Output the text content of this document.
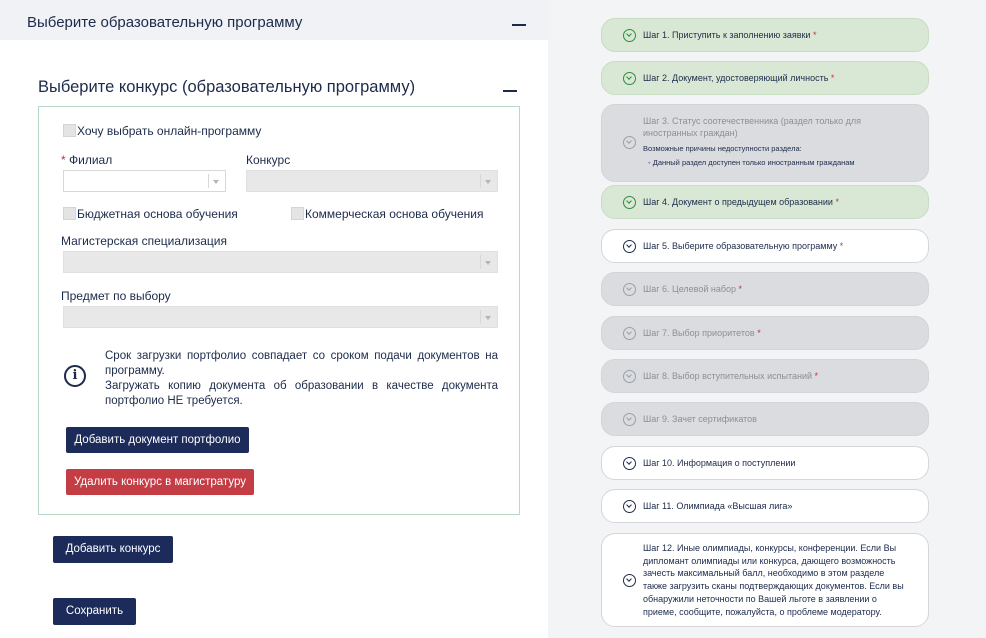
Выберите образовательную программу
Выберите конкурс (образовательную программу)
Хочу выбрать онлайн-программу
* Филиал	Конкурс
Бюджетная основа обучения	Коммерческая основа обучения
Магистерская специализация
Предмет по выбору
i

Срок загрузки портфолио совпадает со сроком подачи документов на программу.

Загружать копию документа об образовании в качестве документа портфолио НЕ требуется.

Добавить документ портфолио
Удалить конкурс в магистратуру
Добавить конкурс
Сохранить
Шаг 1. Приступить к заполнению заявки *
Шаг 2. Документ, удостоверяющий личность *
Шаг 3. Статус соотечественника (раздел только для иностранных граждан)
Возможные причины недоступности раздела:
◦ Данный раздел доступен только иностранным гражданам
Шаг 4. Документ о предыдущем образовании *
Шаг 5. Выберите образовательную программу *
Шаг 6. Целевой набор *
Шаг 7. Выбор приоритетов *
Шаг 8. Выбор вступительных испытаний *
Шаг 9. Зачет сертификатов
Шаг 10. Информация о поступлении
Шаг 11. Олимпиада «Высшая лига»
Шаг 12. Иные олимпиады, конкурсы, конференции. Если Вы дипломант олимпиады или конкурса, дающего возможность зачесть максимальный балл, необходимо в этом разделе также загрузить сканы подтверждающих документов. Если вы обнаружили неточности по Вашей льготе в заявлении о приеме, сообщите, пожалуйста, о проблеме модератору.
